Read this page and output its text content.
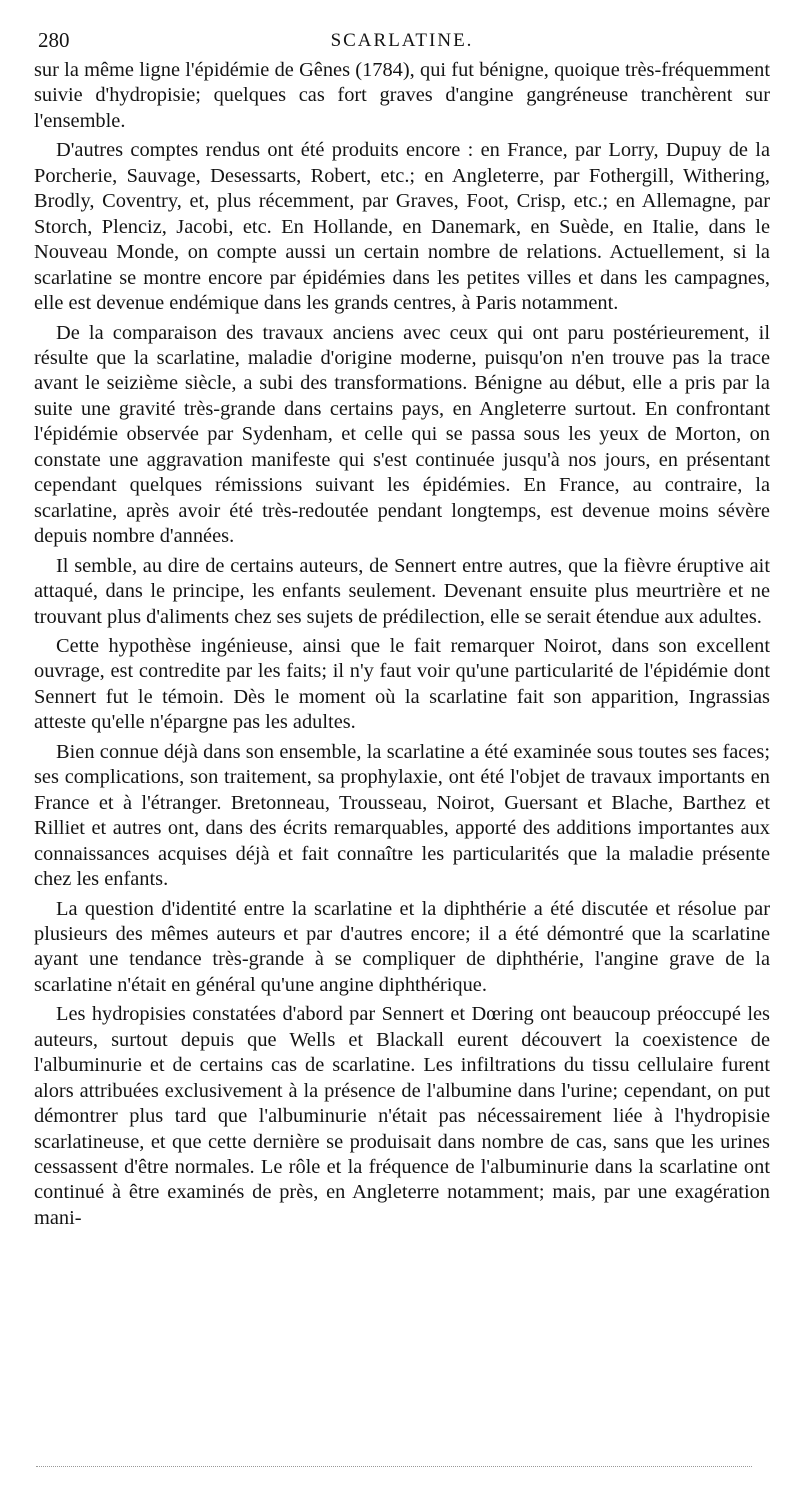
280	SCARLATINE.

sur la même ligne l'épidémie de Gênes (1784), qui fut bénigne, quoique très-fréquemment suivie d'hydropisie; quelques cas fort graves d'angine gangréneuse tranchèrent sur l'ensemble.

D'autres comptes rendus ont été produits encore : en France, par Lorry, Dupuy de la Porcherie, Sauvage, Desessarts, Robert, etc.; en Angleterre, par Fothergill, Withering, Brodly, Coventry, et, plus récemment, par Graves, Foot, Crisp, etc.; en Allemagne, par Storch, Plenciz, Jacobi, etc. En Hollande, en Danemark, en Suède, en Italie, dans le Nouveau Monde, on compte aussi un certain nombre de relations. Actuellement, si la scarlatine se montre encore par épidémies dans les petites villes et dans les campagnes, elle est devenue endémique dans les grands centres, à Paris notamment.

De la comparaison des travaux anciens avec ceux qui ont paru postérieurement, il résulte que la scarlatine, maladie d'origine moderne, puisqu'on n'en trouve pas la trace avant le seizième siècle, a subi des transformations. Bénigne au début, elle a pris par la suite une gravité très-grande dans certains pays, en Angleterre surtout. En confrontant l'épidémie observée par Sydenham, et celle qui se passa sous les yeux de Morton, on constate une aggravation manifeste qui s'est continuée jusqu'à nos jours, en présentant cependant quelques rémissions suivant les épidémies. En France, au contraire, la scarlatine, après avoir été très-redoutée pendant longtemps, est devenue moins sévère depuis nombre d'années.

Il semble, au dire de certains auteurs, de Sennert entre autres, que la fièvre éruptive ait attaqué, dans le principe, les enfants seulement. Devenant ensuite plus meurtrière et ne trouvant plus d'aliments chez ses sujets de prédilection, elle se serait étendue aux adultes.

Cette hypothèse ingénieuse, ainsi que le fait remarquer Noirot, dans son excellent ouvrage, est contredite par les faits; il n'y faut voir qu'une particularité de l'épidémie dont Sennert fut le témoin. Dès le moment où la scarlatine fait son apparition, Ingrassias atteste qu'elle n'épargne pas les adultes.

Bien connue déjà dans son ensemble, la scarlatine a été examinée sous toutes ses faces; ses complications, son traitement, sa prophylaxie, ont été l'objet de travaux importants en France et à l'étranger. Bretonneau, Trousseau, Noirot, Guersant et Blache, Barthez et Rilliet et autres ont, dans des écrits remarquables, apporté des additions importantes aux connaissances acquises déjà et fait connaître les particularités que la maladie présente chez les enfants.

La question d'identité entre la scarlatine et la diphthérie a été discutée et résolue par plusieurs des mêmes auteurs et par d'autres encore; il a été démontré que la scarlatine ayant une tendance très-grande à se compliquer de diphthérie, l'angine grave de la scarlatine n'était en général qu'une angine diphthérique.

Les hydropisies constatées d'abord par Sennert et Dœring ont beaucoup préoccupé les auteurs, surtout depuis que Wells et Blackall eurent découvert la coexistence de l'albuminurie et de certains cas de scarlatine. Les infiltrations du tissu cellulaire furent alors attribuées exclusivement à la présence de l'albumine dans l'urine; cependant, on put démontrer plus tard que l'albuminurie n'était pas nécessairement liée à l'hydropisie scarlatineuse, et que cette dernière se produisait dans nombre de cas, sans que les urines cessassent d'être normales. Le rôle et la fréquence de l'albuminurie dans la scarlatine ont continué à être examinés de près, en Angleterre notamment; mais, par une exagération mani-
